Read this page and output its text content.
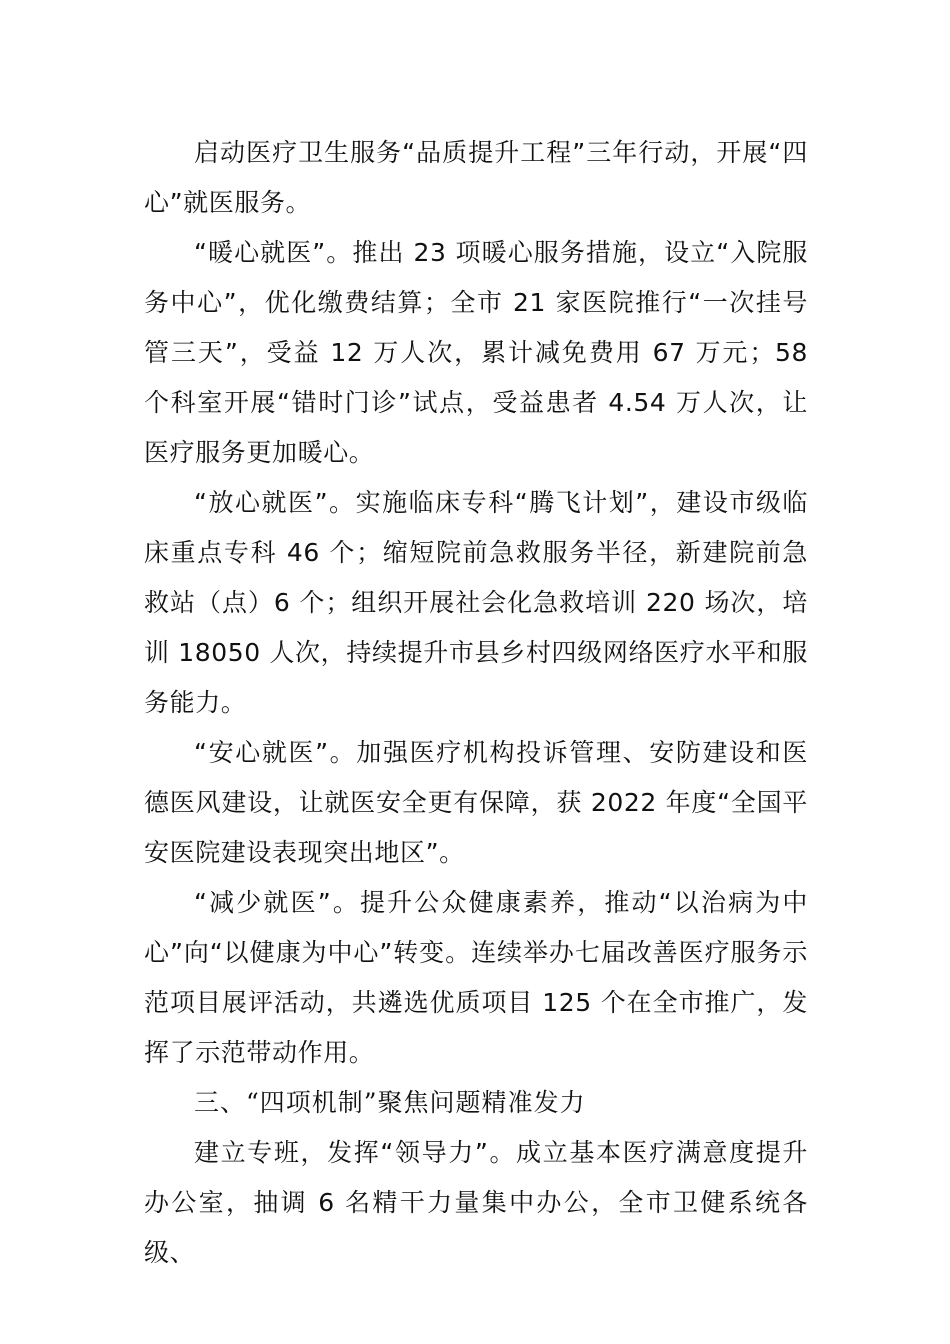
启动医疗卫生服务“品质提升工程”三年行动，开展“四心”就医服务。

“暖心就医”。推出 23 项暖心服务措施，设立“入院服务中心”，优化缴费结算；全市 21 家医院推行“一次挂号管三天”，受益 12 万人次，累计减免费用 67 万元；58 个科室开展“错时门诊”试点，受益患者 4.54 万人次，让医疗服务更加暖心。

“放心就医”。实施临床专科“腾飞计划”，建设市级临床重点专科 46 个；缩短院前急救服务半径，新建院前急救站（点）6 个；组织开展社会化急救培训 220 场次，培训 18050 人次，持续提升市县乡村四级网络医疗水平和服务能力。

“安心就医”。加强医疗机构投诉管理、安防建设和医德医风建设，让就医安全更有保障，获 2022 年度“全国平安医院建设表现突出地区”。

“减少就医”。提升公众健康素养，推动“以治病为中心”向“以健康为中心”转变。连续举办七届改善医疗服务示范项目展评活动，共遴选优质项目 125 个在全市推广，发挥了示范带动作用。

三、“四项机制”聚焦问题精准发力

建立专班，发挥“领导力”。成立基本医疗满意度提升办公室，抽调 6 名精干力量集中办公，全市卫健系统各级、
